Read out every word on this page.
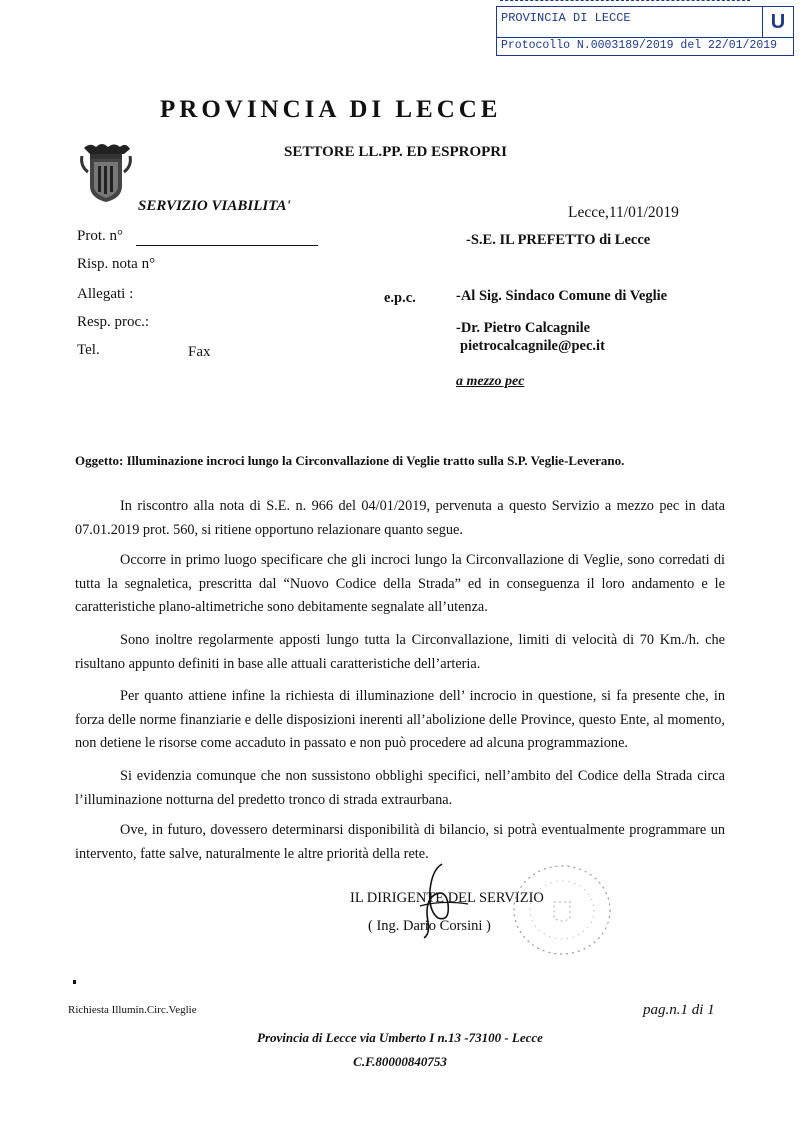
PROVINCIA DI LECCE	U
Protocollo N.0003189/2019 del 22/01/2019
PROVINCIA DI LECCE
SETTORE LL.PP. ED ESPROPRI
SERVIZIO VIABILITA'	Lecce,11/01/2019
Prot. n°
Risp. nota n°
Allegati :
Resp. proc.:
Tel.	Fax
-S.E. IL PREFETTO di Lecce
e.p.c.	-Al Sig. Sindaco Comune di Veglie
-Dr. Pietro Calcagnile
pietrocalcagnile@pec.it
a mezzo pec
Oggetto: Illuminazione incroci lungo la Circonvallazione di Veglie tratto sulla S.P. Veglie-Leverano.
In riscontro alla nota di S.E. n. 966 del 04/01/2019, pervenuta a questo Servizio a mezzo pec in data 07.01.2019 prot. 560, si ritiene opportuno relazionare quanto segue.
Occorre in primo luogo specificare che gli incroci lungo la Circonvallazione di Veglie, sono corredati di tutta la segnaletica, prescritta dal “Nuovo Codice della Strada” ed in conseguenza il loro andamento e le caratteristiche plano-altimetriche sono debitamente segnalate all’utenza.
Sono inoltre regolarmente apposti lungo tutta la Circonvallazione, limiti di velocità di 70 Km./h. che risultano appunto definiti in base alle attuali caratteristiche dell’arteria.
Per quanto attiene infine la richiesta di illuminazione dell’ incrocio in questione, si fa presente che, in forza delle norme finanziarie e delle disposizioni inerenti all’abolizione delle Province, questo Ente, al momento, non detiene le risorse come accaduto in passato e non può procedere ad alcuna programmazione.
Si evidenzia comunque che non sussistono obblighi specifici, nell’ambito del Codice della Strada circa l’illuminazione notturna del predetto tronco di strada extraurbana.
Ove, in futuro, dovessero determinarsi disponibilità di bilancio, si potrà eventualmente programmare un intervento, fatte salve, naturalmente le altre priorità della rete.
IL DIRIGENTE DEL SERVIZIO
( Ing. Dario Corsini )
Richiesta Illumin.Circ.Veglie	pag.n.1 di 1
Provincia di Lecce via Umberto I n.13 -73100 - Lecce
C.F.80000840753
